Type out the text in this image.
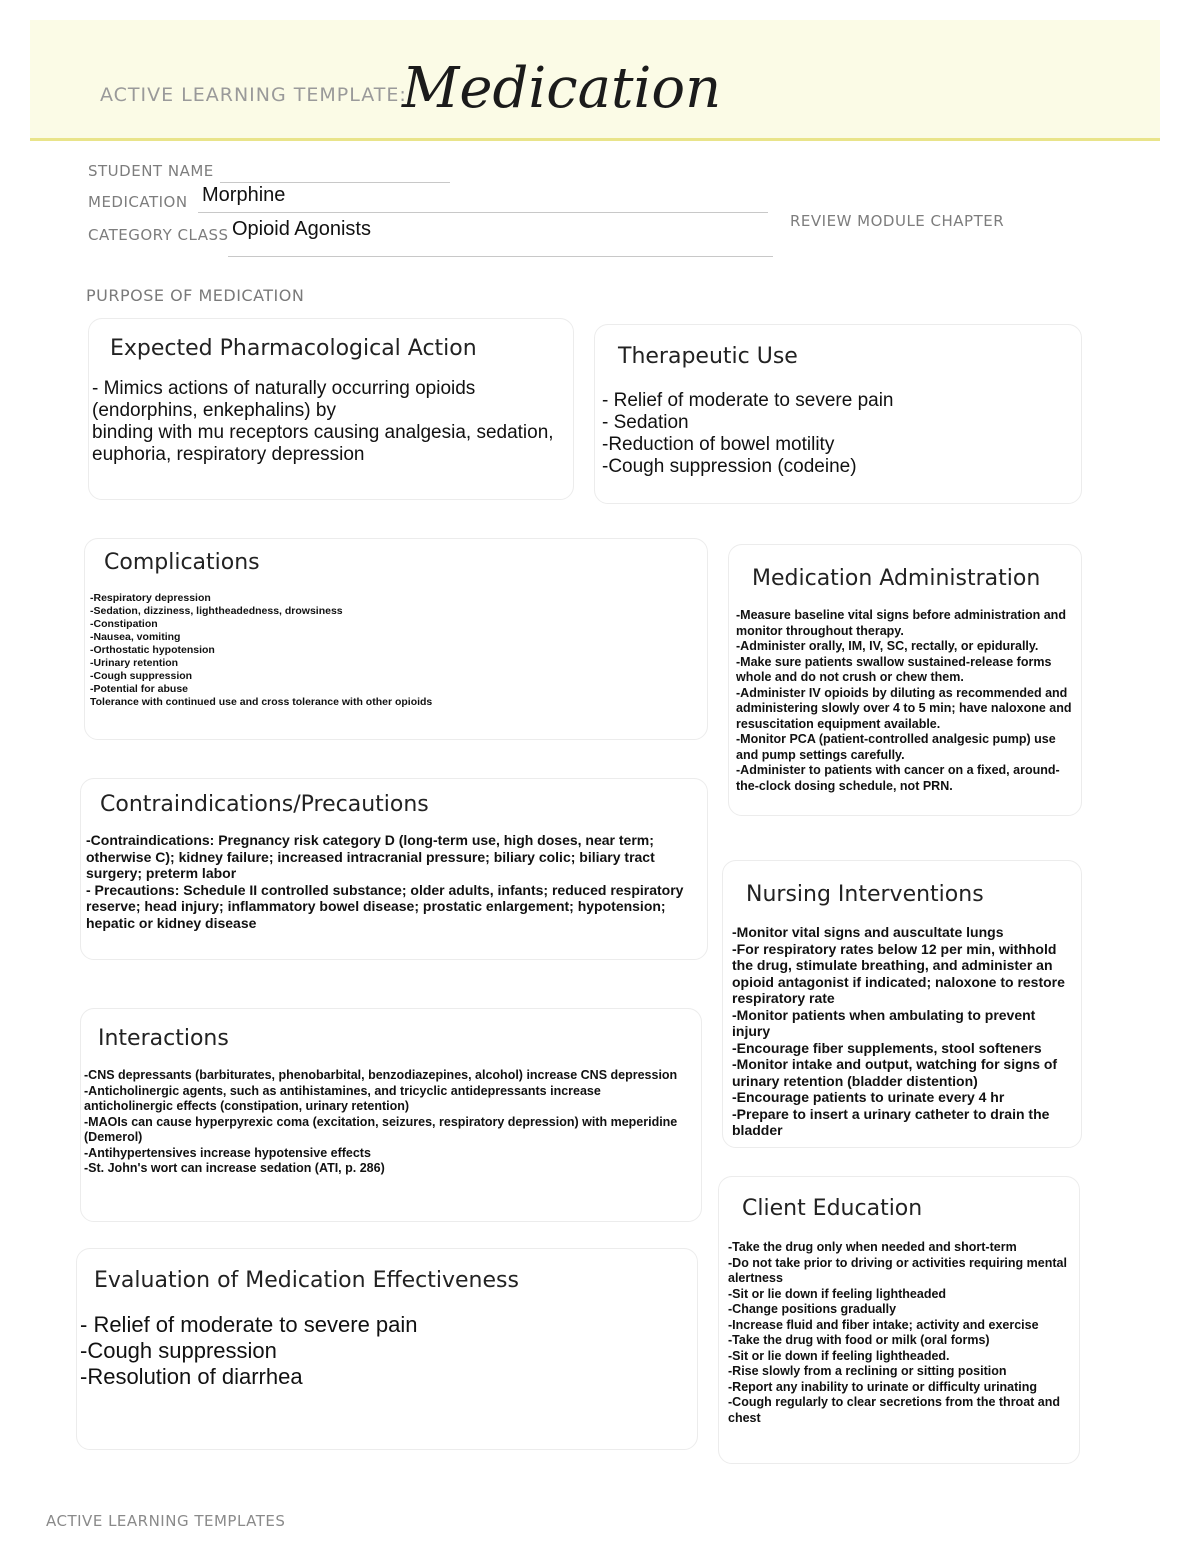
ACTIVE LEARNING TEMPLATE:
Medication
STUDENT NAME
MEDICATION Morphine
CATEGORY CLASS Opioid Agonists	REVIEW MODULE CHAPTER
PURPOSE OF MEDICATION
Expected Pharmacological Action
- Mimics actions of naturally occurring opioids
(endorphins, enkephalins) by
binding with mu receptors causing analgesia, sedation,
euphoria, respiratory depression
Therapeutic Use
- Relief of moderate to severe pain
- Sedation
-Reduction of bowel motility
-Cough suppression (codeine)
Complications
-Respiratory depression
-Sedation, dizziness, lightheadedness, drowsiness
-Constipation
-Nausea, vomiting
-Orthostatic hypotension
-Urinary retention
-Cough suppression
-Potential for abuse
Tolerance with continued use and cross tolerance with other opioids
Medication Administration
-Measure baseline vital signs before administration and monitor throughout therapy.
-Administer orally, IM, IV, SC, rectally, or epidurally.
-Make sure patients swallow sustained-release forms whole and do not crush or chew them.
-Administer IV opioids by diluting as recommended and administering slowly over 4 to 5 min; have naloxone and resuscitation equipment available.
-Monitor PCA (patient-controlled analgesic pump) use and pump settings carefully.
-Administer to patients with cancer on a fixed, around-the-clock dosing schedule, not PRN.
Contraindications/Precautions
-Contraindications: Pregnancy risk category D (long-term use, high doses, near term; otherwise C); kidney failure; increased intracranial pressure; biliary colic; biliary tract surgery; preterm labor
- Precautions: Schedule II controlled substance; older adults, infants; reduced respiratory reserve; head injury; inflammatory bowel disease; prostatic enlargement; hypotension; hepatic or kidney disease
Nursing Interventions
-Monitor vital signs and auscultate lungs
-For respiratory rates below 12 per min, withhold the drug, stimulate breathing, and administer an opioid antagonist if indicated; naloxone to restore respiratory rate
-Monitor patients when ambulating to prevent injury
-Encourage fiber supplements, stool softeners
-Monitor intake and output, watching for signs of urinary retention (bladder distention)
-Encourage patients to urinate every 4 hr
-Prepare to insert a urinary catheter to drain the bladder
Interactions
-CNS depressants (barbiturates, phenobarbital, benzodiazepines, alcohol) increase CNS depression
-Anticholinergic agents, such as antihistamines, and tricyclic antidepressants increase anticholinergic effects (constipation, urinary retention)
-MAOIs can cause hyperpyrexic coma (excitation, seizures, respiratory depression) with meperidine (Demerol)
-Antihypertensives increase hypotensive effects
-St. John's wort can increase sedation (ATI, p. 286)
Client Education
-Take the drug only when needed and short-term
-Do not take prior to driving or activities requiring mental alertness
-Sit or lie down if feeling lightheaded
-Change positions gradually
-Increase fluid and fiber intake; activity and exercise
-Take the drug with food or milk (oral forms)
-Sit or lie down if feeling lightheaded.
-Rise slowly from a reclining or sitting position
-Report any inability to urinate or difficulty urinating
-Cough regularly to clear secretions from the throat and chest
Evaluation of Medication Effectiveness
- Relief of moderate to severe pain
-Cough suppression
-Resolution of diarrhea
ACTIVE LEARNING TEMPLATES
